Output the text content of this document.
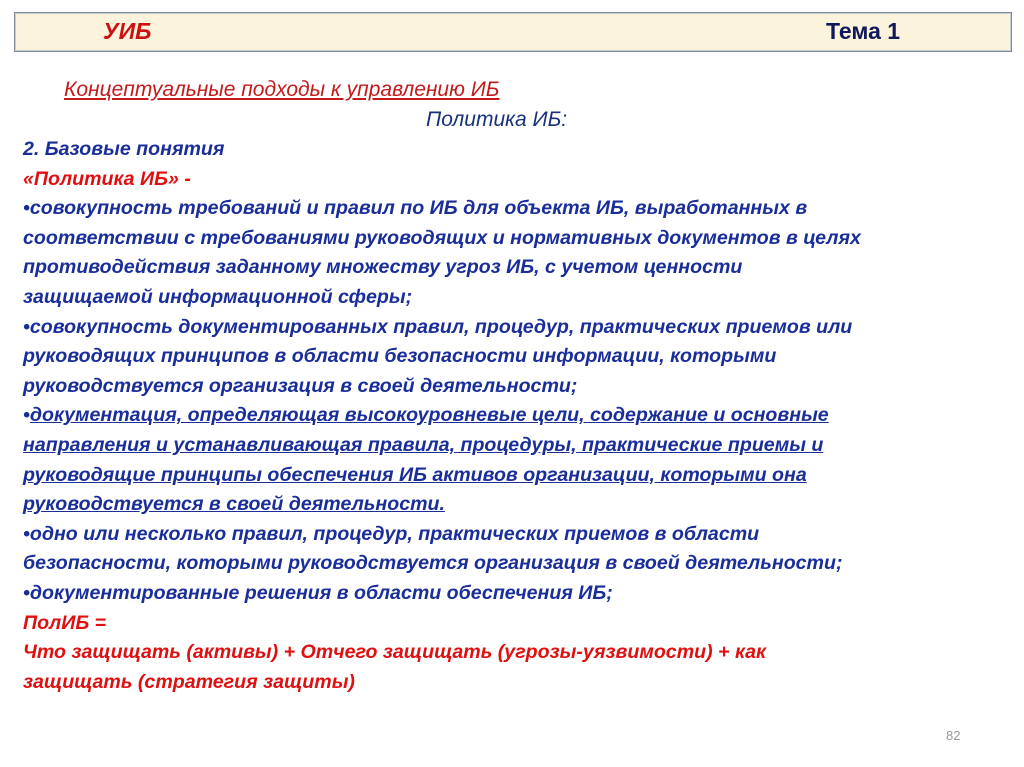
УИБ	Тема 1
Концептуальные подходы к управлению ИБ
Политика ИБ:
2. Базовые понятия
«Политика ИБ» -
•совокупность требований и правил по ИБ для объекта ИБ, выработанных в
соответствии с требованиями руководящих и нормативных документов в целях
противодействия заданному множеству угроз ИБ, с учетом ценности
защищаемой информационной сферы;
•совокупность документированных правил, процедур, практических приемов или
руководящих принципов в области безопасности информации, которыми
руководствуется организация в своей деятельности;
•документация, определяющая высокоуровневые цели, содержание и основные
направления и устанавливающая правила, процедуры, практические приемы и
руководящие принципы обеспечения ИБ активов организации, которыми она
руководствуется в своей деятельности.
•одно или несколько правил, процедур, практических приемов в области
безопасности, которыми руководствуется организация в своей деятельности;
•документированные решения в области обеспечения ИБ;
ПолИБ =
Что защищать (активы) + Отчего защищать (угрозы-уязвимости) + как
защищать (стратегия защиты)
82
